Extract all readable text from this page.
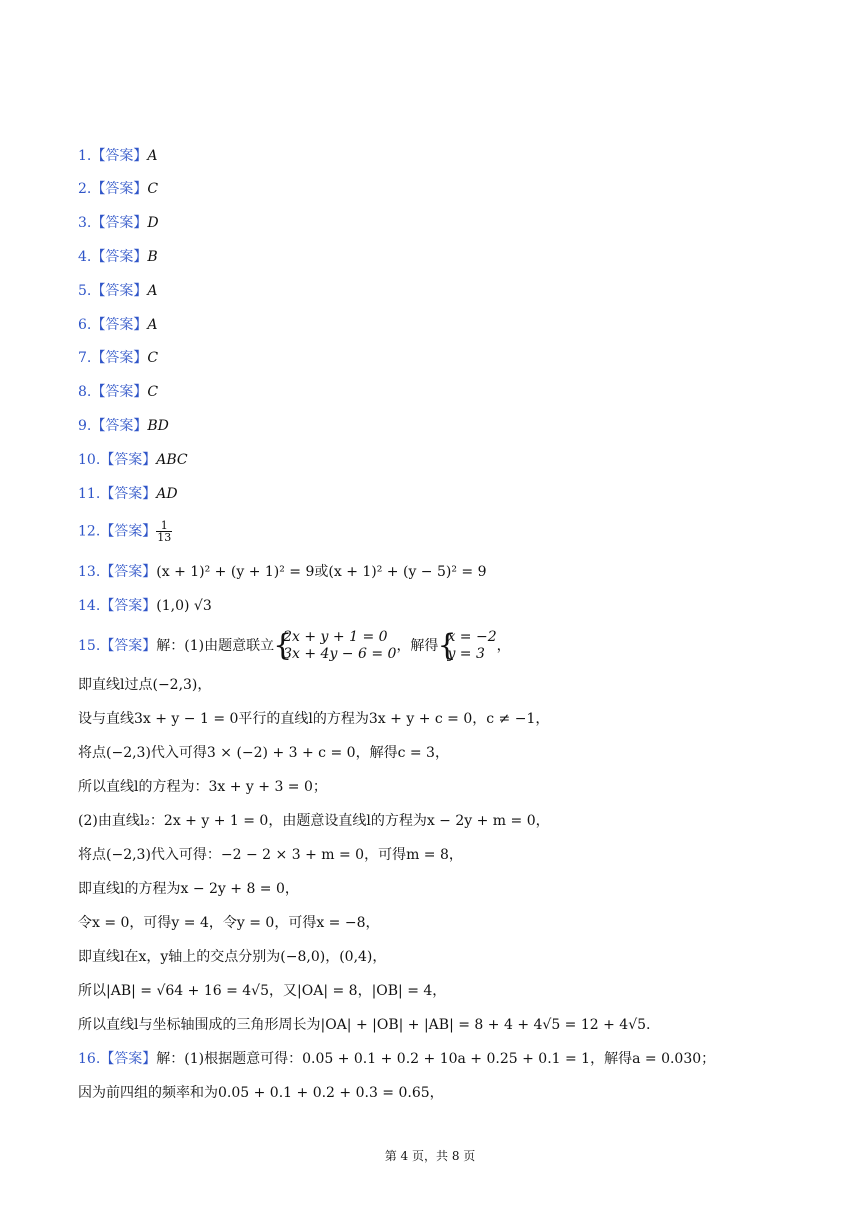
1.【答案】A
2.【答案】C
3.【答案】D
4.【答案】B
5.【答案】A
6.【答案】A
7.【答案】C
8.【答案】C
9.【答案】BD
10.【答案】ABC
11.【答案】AD
12.【答案】 $\frac{1}{13}$
13.【答案】(x + 1)² + (y + 1)² = 9或(x + 1)² + (y − 5)² = 9
14.【答案】(1,0) √3
15.【答案】解：(1)由题意联立
{ 2x + y + 1 = 0
3x + 4y − 6 = 0 ，解得
{ x = −2
y = 3 ，
即直线l过点(−2,3)，
设与直线3x + y − 1 = 0平行的直线l的方程为3x + y + c = 0，c ≠ −1，
将点(−2,3)代入可得3 × (−2) + 3 + c = 0，解得c = 3，
所以直线l的方程为：3x + y + 3 = 0；
(2)由直线l₂：2x + y + 1 = 0，由题意设直线l的方程为x − 2y + m = 0，
将点(−2,3)代入可得：−2 − 2 × 3 + m = 0，可得m = 8，
即直线l的方程为x − 2y + 8 = 0，
令x = 0，可得y = 4，令y = 0，可得x = −8，
即直线l在x，y轴上的交点分别为(−8,0)，(0,4)，
所以|AB| = √64 + 16 = 4√5，又|OA| = 8，|OB| = 4，
所以直线l与坐标轴围成的三角形周长为|OA| + |OB| + |AB| = 8 + 4 + 4√5 = 12 + 4√5.
16.【答案】解：(1)根据题意可得：0.05 + 0.1 + 0.2 + 10a + 0.25 + 0.1 = 1，解得a = 0.030；
因为前四组的频率和为0.05 + 0.1 + 0.2 + 0.3 = 0.65，
第 4 页，共 8 页
